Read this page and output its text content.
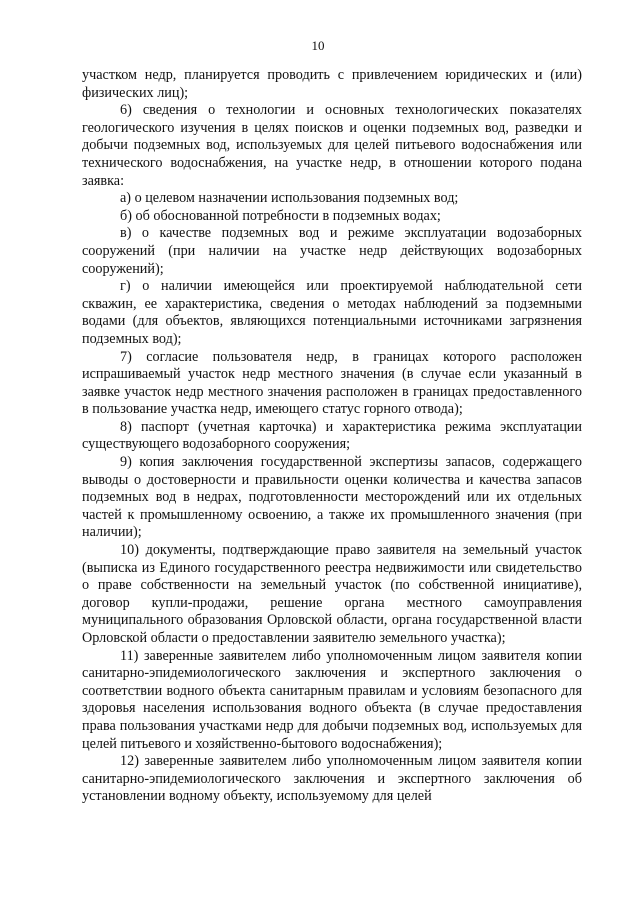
10

участком недр, планируется проводить с привлечением юридических и (или) физических лиц);

6) сведения о технологии и основных технологических показателях геологического изучения в целях поисков и оценки подземных вод, разведки и добычи подземных вод, используемых для целей питьевого водоснабжения или технического водоснабжения, на участке недр, в отношении которого подана заявка:

а) о целевом назначении использования подземных вод;

б) об обоснованной потребности в подземных водах;

в) о качестве подземных вод и режиме эксплуатации водозаборных сооружений (при наличии на участке недр действующих водозаборных сооружений);

г) о наличии имеющейся или проектируемой наблюдательной сети скважин, ее характеристика, сведения о методах наблюдений за подземными водами (для объектов, являющихся потенциальными источниками загрязнения подземных вод);

7) согласие пользователя недр, в границах которого расположен испрашиваемый участок недр местного значения (в случае если указанный в заявке участок недр местного значения расположен в границах предоставленного в пользование участка недр, имеющего статус горного отвода);

8) паспорт (учетная карточка) и характеристика режима эксплуатации существующего водозаборного сооружения;

9) копия заключения государственной экспертизы запасов, содержащего выводы о достоверности и правильности оценки количества и качества запасов подземных вод в недрах, подготовленности месторождений или их отдельных частей к промышленному освоению, а также их промышленного значения (при наличии);

10) документы, подтверждающие право заявителя на земельный участок (выписка из Единого государственного реестра недвижимости или свидетельство о праве собственности на земельный участок (по собственной инициативе), договор купли-продажи, решение органа местного самоуправления муниципального образования Орловской области, органа государственной власти Орловской области о предоставлении заявителю земельного участка);

11) заверенные заявителем либо уполномоченным лицом заявителя копии санитарно-эпидемиологического заключения и экспертного заключения о соответствии водного объекта санитарным правилам и условиям безопасного для здоровья населения использования водного объекта (в случае предоставления права пользования участками недр для добычи подземных вод, используемых для целей питьевого и хозяйственно-бытового водоснабжения);

12) заверенные заявителем либо уполномоченным лицом заявителя копии санитарно-эпидемиологического заключения и экспертного заключения об установлении водному объекту, используемому для целей
